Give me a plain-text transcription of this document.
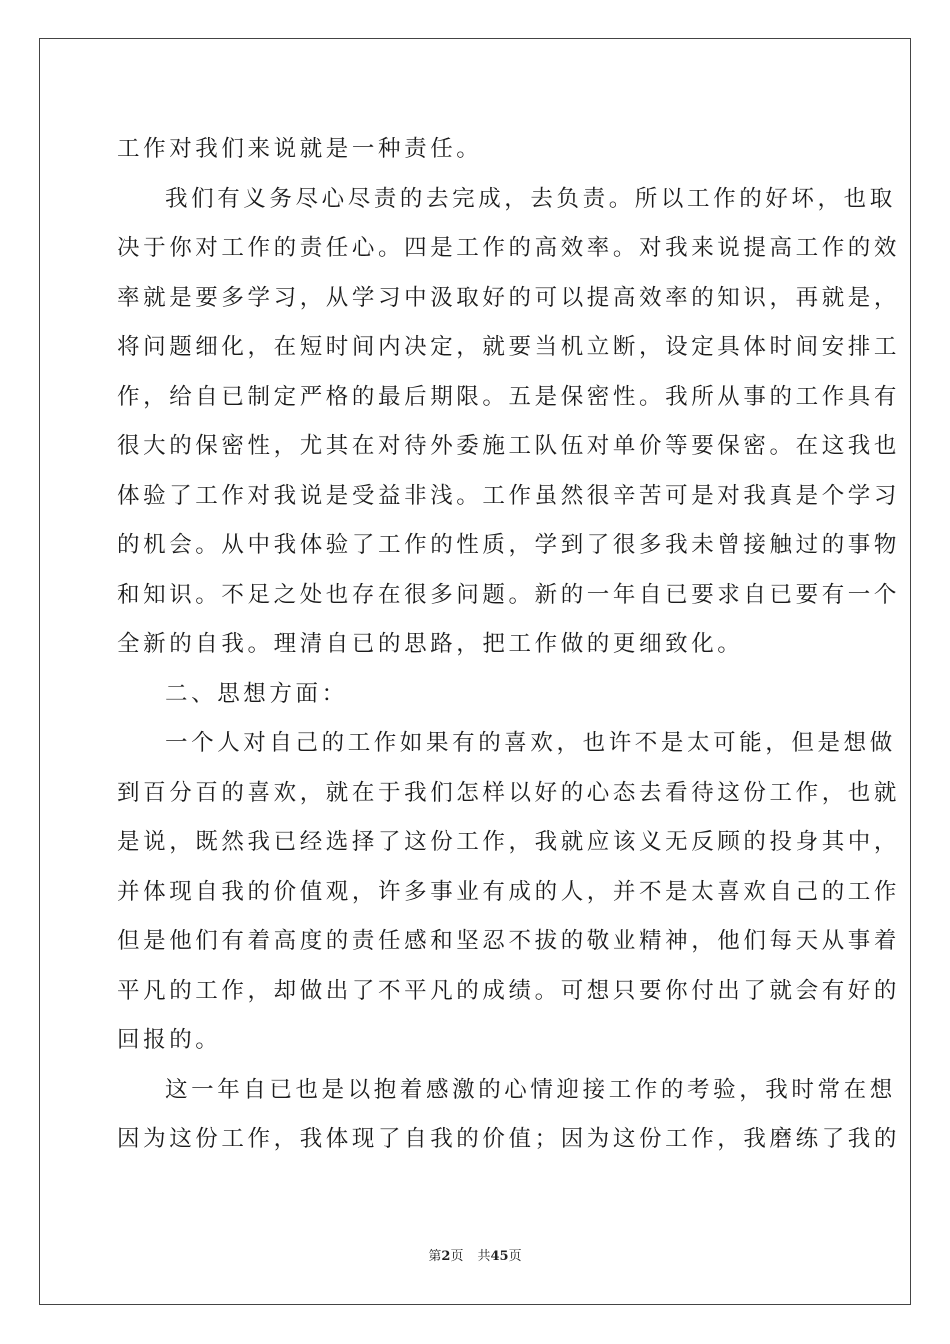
工作对我们来说就是一种责任。
我们有义务尽心尽责的去完成，去负责。所以工作的好坏，也取
决于你对工作的责任心。四是工作的高效率。对我来说提高工作的效
率就是要多学习，从学习中汲取好的可以提高效率的知识，再就是，
将问题细化，在短时间内决定，就要当机立断，设定具体时间安排工
作，给自已制定严格的最后期限。五是保密性。我所从事的工作具有
很大的保密性，尤其在对待外委施工队伍对单价等要保密。在这我也
体验了工作对我说是受益非浅。工作虽然很辛苦可是对我真是个学习
的机会。从中我体验了工作的性质，学到了很多我未曾接触过的事物
和知识。不足之处也存在很多问题。新的一年自已要求自已要有一个
全新的自我。理清自已的思路，把工作做的更细致化。
二、思想方面：
一个人对自己的工作如果有的喜欢，也许不是太可能，但是想做
到百分百的喜欢，就在于我们怎样以好的心态去看待这份工作，也就
是说，既然我已经选择了这份工作，我就应该义无反顾的投身其中，
并体现自我的价值观，许多事业有成的人，并不是太喜欢自己的工作
但是他们有着高度的责任感和坚忍不拔的敬业精神，他们每天从事着
平凡的工作，却做出了不平凡的成绩。可想只要你付出了就会有好的
回报的。
这一年自已也是以抱着感激的心情迎接工作的考验，我时常在想
因为这份工作，我体现了自我的价值；因为这份工作，我磨练了我的
第2页 共45页
